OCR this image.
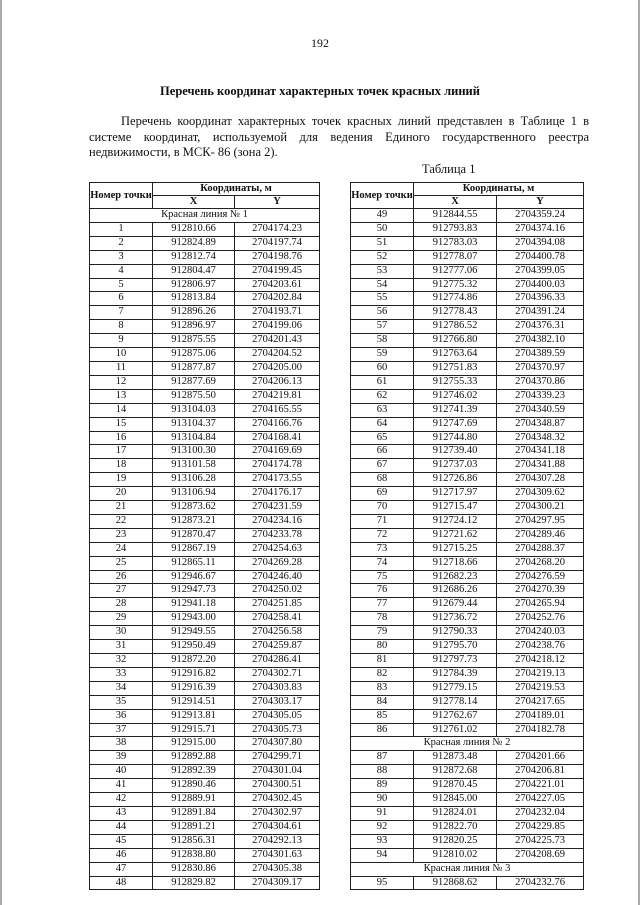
192
Перечень координат характерных точек красных линий
Перечень координат характерных точек красных линий представлен в Таблице 1 в системе координат, используемой для ведения Единого государственного реестра недвижимости, в МСК- 86 (зона 2).
Таблица 1
Номер точки	Координаты, м	
	X	Y
Красная линия № 1		
1	912810.66	2704174.23
2	912824.89	2704197.74
3	912812.74	2704198.76
4	912804.47	2704199.45
5	912806.97	2704203.61
6	912813.84	2704202.84
7	912896.26	2704193.71
8	912896.97	2704199.06
9	912875.55	2704201.43
10	912875.06	2704204.52
11	912877.87	2704205.00
12	912877.69	2704206.13
13	912875.50	2704219.81
14	913104.03	2704165.55
15	913104.37	2704166.76
16	913104.84	2704168.41
17	913100.30	2704169.69
18	913101.58	2704174.78
19	913106.28	2704173.55
20	913106.94	2704176.17
21	912873.62	2704231.59
22	912873.21	2704234.16
23	912870.47	2704233.78
24	912867.19	2704254.63
25	912865.11	2704269.28
26	912946.67	2704246.40
27	912947.73	2704250.02
28	912941.18	2704251.85
29	912943.00	2704258.41
30	912949.55	2704256.58
31	912950.49	2704259.87
32	912872.20	2704286.41
33	912916.82	2704302.71
34	912916.39	2704303.83
35	912914.51	2704303.17
36	912913.81	2704305.05
37	912915.71	2704305.73
38	912915.00	2704307.80
39	912892.88	2704299.71
40	912892.39	2704301.04
41	912890.46	2704300.51
42	912889.91	2704302.45
43	912891.84	2704302.97
44	912891.21	2704304.61
45	912856.31	2704292.13
46	912838.80	2704301.63
47	912830.86	2704305.38
48	912829.82	2704309.17
Номер точки	Координаты, м	
	X	Y
49	912844.55	2704359.24
50	912793.83	2704374.16
51	912783.03	2704394.08
52	912778.07	2704400.78
53	912777.06	2704399.05
54	912775.32	2704400.03
55	912774.86	2704396.33
56	912778.43	2704391.24
57	912786.52	2704376.31
58	912766.80	2704382.10
59	912763.64	2704389.59
60	912751.83	2704370.97
61	912755.33	2704370.86
62	912746.02	2704339.23
63	912741.39	2704340.59
64	912747.69	2704348.87
65	912744.80	2704348.32
66	912739.40	2704341.18
67	912737.03	2704341.88
68	912726.86	2704307.28
69	912717.97	2704309.62
70	912715.47	2704300.21
71	912724.12	2704297.95
72	912721.62	2704289.46
73	912715.25	2704288.37
74	912718.66	2704268.20
75	912682.23	2704276.59
76	912686.26	2704270.39
77	912679.44	2704265.94
78	912736.72	2704252.76
79	912790.33	2704240.03
80	912795.70	2704238.76
81	912797.73	2704218.12
82	912784.39	2704219.13
83	912779.15	2704219.53
84	912778.14	2704217.65
85	912762.67	2704189.01
86	912761.02	2704182.78
Красная линия № 2		
87	912873.48	2704201.66
88	912872.68	2704206.81
89	912870.45	2704221.01
90	912845.00	2704227.05
91	912824.01	2704232.04
92	912822.70	2704229.85
93	912820.25	2704225.73
94	912810.02	2704208.69
Красная линия № 3		
95	912868.62	2704232.76
